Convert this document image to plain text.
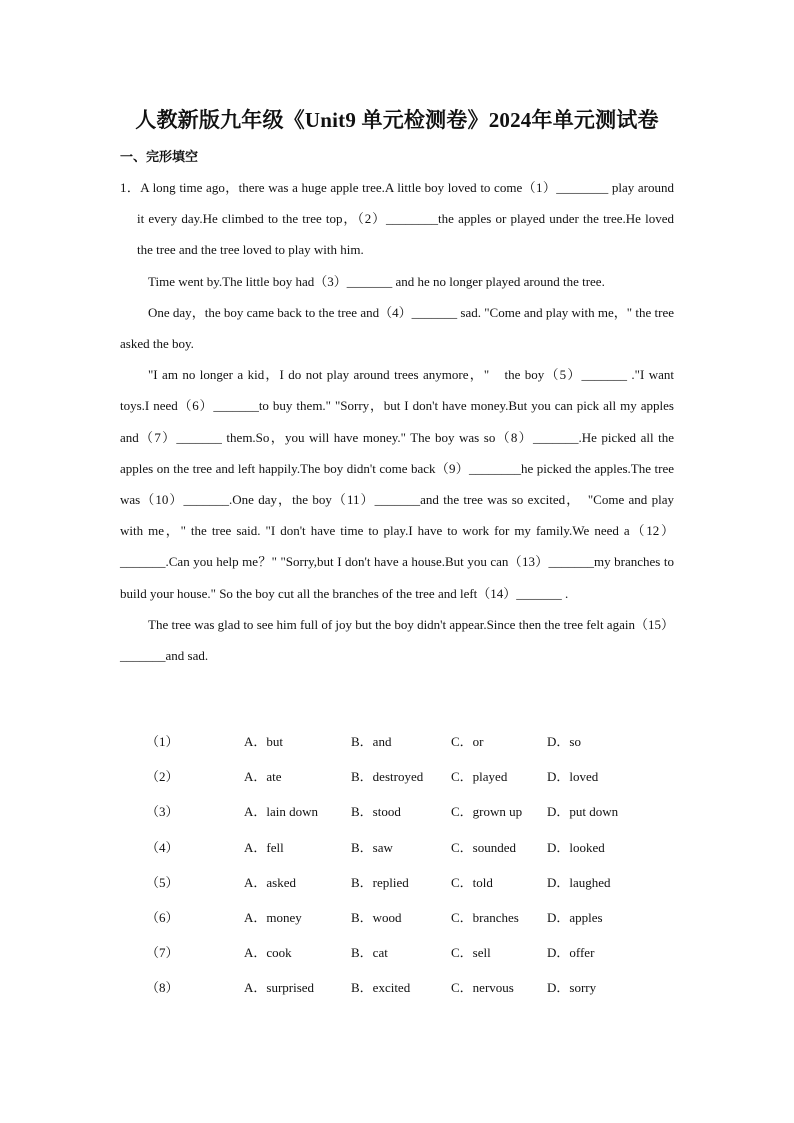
人教新版九年级《Unit9 单元检测卷》2024年单元测试卷
一、完形填空

1．A long time ago，there was a huge apple tree.A little boy loved to come（1）________ play around it every day.He climbed to the tree top，（2）________the apples or played under the tree.He loved the tree and the tree loved to play with him.

Time went by.The little boy had（3）_______ and he no longer played around the tree.

One day，the boy came back to the tree and（4）_______ sad. "Come and play with me，" the tree asked the boy.

"I am no longer a kid，I do not play around trees anymore，"　the boy（5）_______ ."I want toys.I need（6）_______to buy them." "Sorry，but I don't have money.But you can pick all my apples and（7）_______ them.So，you will have money." The boy was so（8）_______.He picked all the apples on the tree and left happily.The boy didn't come back（9）________he picked the apples.The tree was（10）_______.One day，the boy（11）_______and the tree was so excited，　"Come and play with me，" the tree said. "I don't have time to play.I have to work for my family.We need a（12）_______.Can you help me？" "Sorry,but I don't have a house.But you can（13）_______my branches to build your house." So the boy cut all the branches of the tree and left（14）_______ .

The tree was glad to see him full of joy but the boy didn't appear.Since then the tree felt again（15）_______and sad.

（1）	A．but	B．and	C．or	D．so
（2）	A．ate	B．destroyed C．played	D．loved
（3）	A．lain down	B．stood	C．grown up D．put down
（4）	A．fell	B．saw	C．sounded D．looked
（5）	A．asked	B．replied	C．told	D．laughed
（6）	A．money	B．wood	C．branches D．apples
（7）	A．cook	B．cat	C．sell	D．offer
（8）	A．surprised	B．excited	C．nervous	D．sorry
